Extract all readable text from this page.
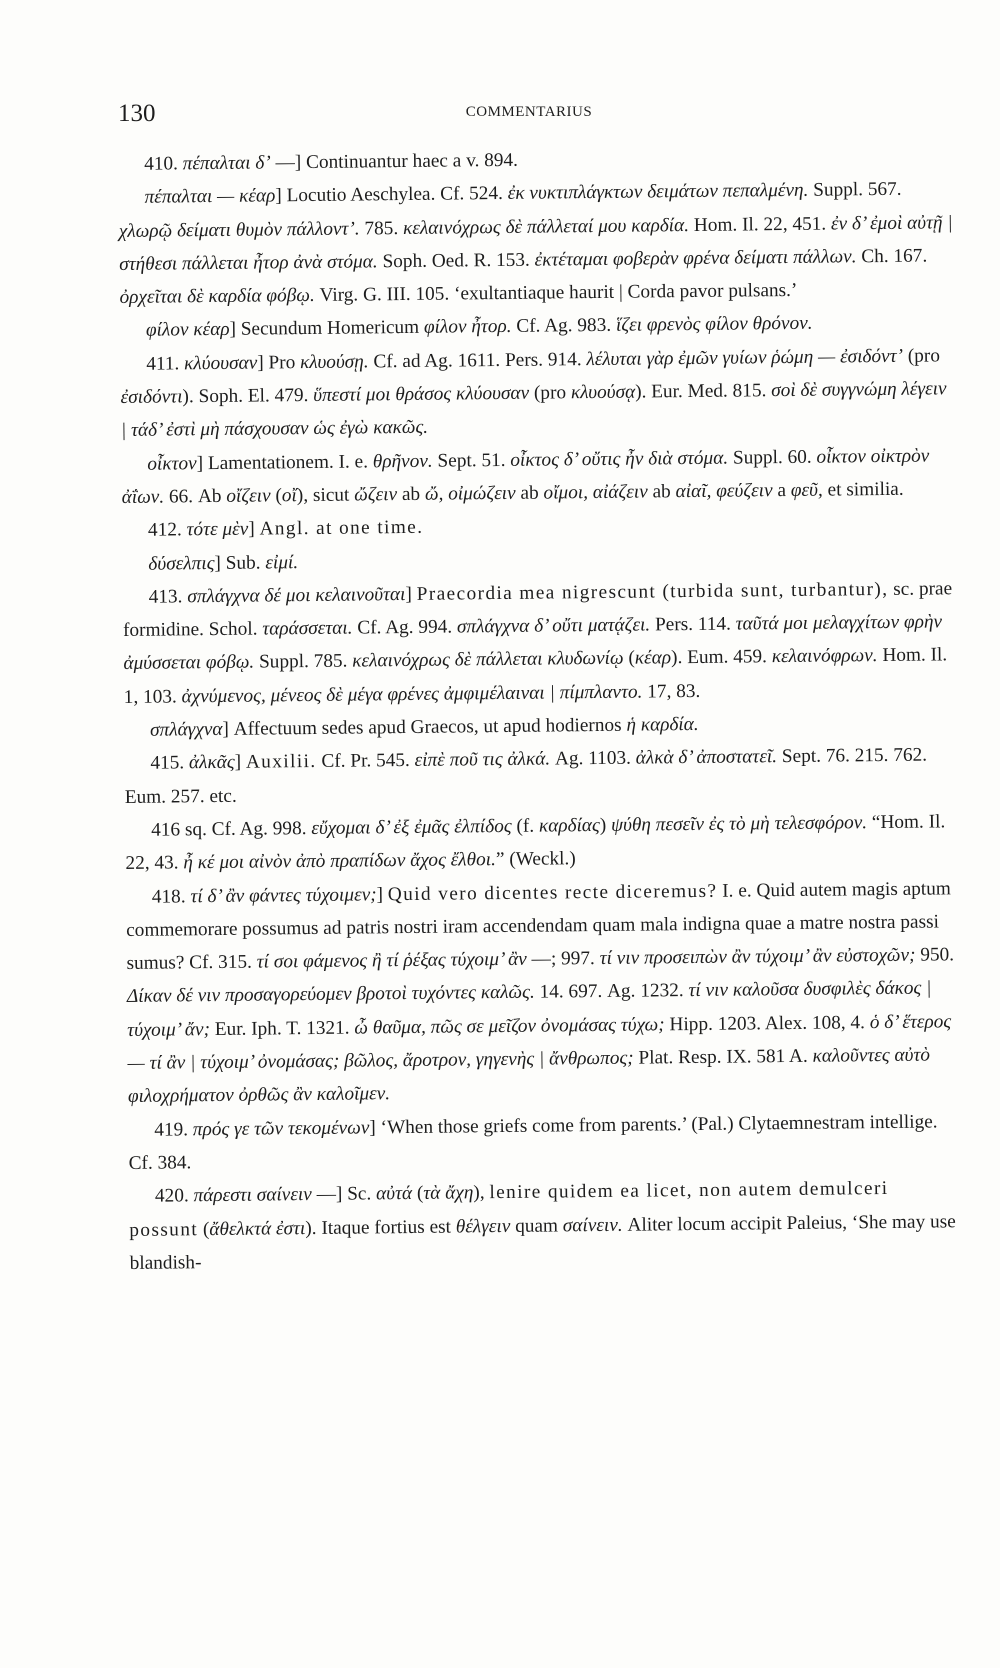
130	COMMENTARIUS

410. πέπαλται δ’ —] Continuantur haec a v. 894.

πέπαλται — κέαρ] Locutio Aeschylea. Cf. 524. ἐκ νυκτιπλάγκτων δειμάτων πεπαλμένη. Suppl. 567. χλωρῷ δείματι θυμὸν πάλλοντ’. 785. κελαινόχρως δὲ πάλλεταί μου καρδία. Hom. Il. 22, 451. ἐν δ’ ἐμοὶ αὐτῇ | στήθεσι πάλλεται ἦτορ ἀνὰ στόμα. Soph. Oed. R. 153. ἐκτέταμαι φοβερὰν φρένα δείματι πάλλων. Ch. 167. ὀρχεῖται δὲ καρδία φόβῳ. Virg. G. III. 105. ‘exultantiaque haurit | Corda pavor pulsans.’

φίλον κέαρ] Secundum Homericum φίλον ἦτορ. Cf. Ag. 983. ἵζει φρενὸς φίλον θρόνον.

411. κλύουσαν] Pro κλυούσῃ. Cf. ad Ag. 1611. Pers. 914. λέλυται γὰρ ἐμῶν γυίων ῥώμη — ἐσιδόντ’ (pro ἐσιδόντι). Soph. El. 479. ὕπεστί μοι θράσος κλύουσαν (pro κλυούσᾳ). Eur. Med. 815. σοὶ δὲ συγγνώμη λέγειν | τάδ’ ἐστὶ μὴ πάσχουσαν ὡς ἐγὼ κακῶς.

οἶκτον] Lamentationem. I. e. θρῆνον. Sept. 51. οἶκτος δ’ οὔτις ἦν διὰ στόμα. Suppl. 60. οἶκτον οἰκτρὸν ἀΐων. 66. Ab οἴζειν (οἴ), sicut ὤζειν ab ὤ, οἰμώζειν ab οἴμοι, αἰάζειν ab αἰαῖ, φεύζειν a φεῦ, et similia.

412. τότε μὲν] Angl. at one time.

δύσελπις] Sub. εἰμί.

413. σπλάγχνα δέ μοι κελαινοῦται] Praecordia mea nigrescunt (turbida sunt, turbantur), sc. prae formidine. Schol. ταράσσεται. Cf. Ag. 994. σπλάγχνα δ’ οὔτι ματᾴζει. Pers. 114. ταῦτά μοι μελαγχίτων φρὴν ἀμύσσεται φόβῳ. Suppl. 785. κελαινόχρως δὲ πάλλεται κλυδωνίῳ (κέαρ). Eum. 459. κελαινόφρων. Hom. Il. 1, 103. ἀχνύμενος, μένεος δὲ μέγα φρένες ἀμφιμέλαιναι | πίμπλαντο. 17, 83.

σπλάγχνα] Affectuum sedes apud Graecos, ut apud hodiernos ἡ καρδία.

415. ἀλκᾶς] Auxilii. Cf. Pr. 545. εἰπὲ ποῦ τις ἀλκά. Ag. 1103. ἀλκὰ δ’ ἀποστατεῖ. Sept. 76. 215. 762. Eum. 257. etc.

416 sq. Cf. Ag. 998. εὔχομαι δ’ ἐξ ἐμᾶς ἐλπίδος (f. καρδίας) ψύθη πεσεῖν ἐς τὸ μὴ τελεσφόρον. “Hom. Il. 22, 43. ἦ κέ μοι αἰνὸν ἀπὸ πραπίδων ἄχος ἔλθοι.” (Weckl.)

418. τί δ’ ἂν φάντες τύχοιμεν;] Quid vero dicentes recte diceremus? I. e. Quid autem magis aptum commemorare possumus ad patris nostri iram accendendam quam mala indigna quae a matre nostra passi sumus? Cf. 315. τί σοι φάμενος ἢ τί ῥέξας τύχοιμ’ ἂν —; 997. τί νιν προσειπὼν ἂν τύχοιμ’ ἂν εὐστοχῶν; 950. Δίκαν δέ νιν προσαγορεύομεν βροτοὶ τυχόντες καλῶς. 14. 697. Ag. 1232. τί νιν καλοῦσα δυσφιλὲς δάκος | τύχοιμ’ ἄν; Eur. Iph. T. 1321. ὦ θαῦμα, πῶς σε μεῖζον ὀνομάσας τύχω; Hipp. 1203. Alex. 108, 4. ὁ δ’ ἕτερος — τί ἂν | τύχοιμ’ ὀνομάσας; βῶλος, ἄροτρον, γηγενὴς | ἄνθρωπος; Plat. Resp. IX. 581 A. καλοῦντες αὐτὸ φιλοχρήματον ὀρθῶς ἂν καλοῖμεν.

419. πρός γε τῶν τεκομένων] ‘When those griefs come from parents.’ (Pal.) Clytaemnestram intellige. Cf. 384.

420. πάρεστι σαίνειν —] Sc. αὐτά (τὰ ἄχη), lenire quidem ea licet, non autem demulceri possunt (ἄθελκτά ἐστι). Itaque fortius est θέλγειν quam σαίνειν. Aliter locum accipit Paleius, ‘She may use blandish-
